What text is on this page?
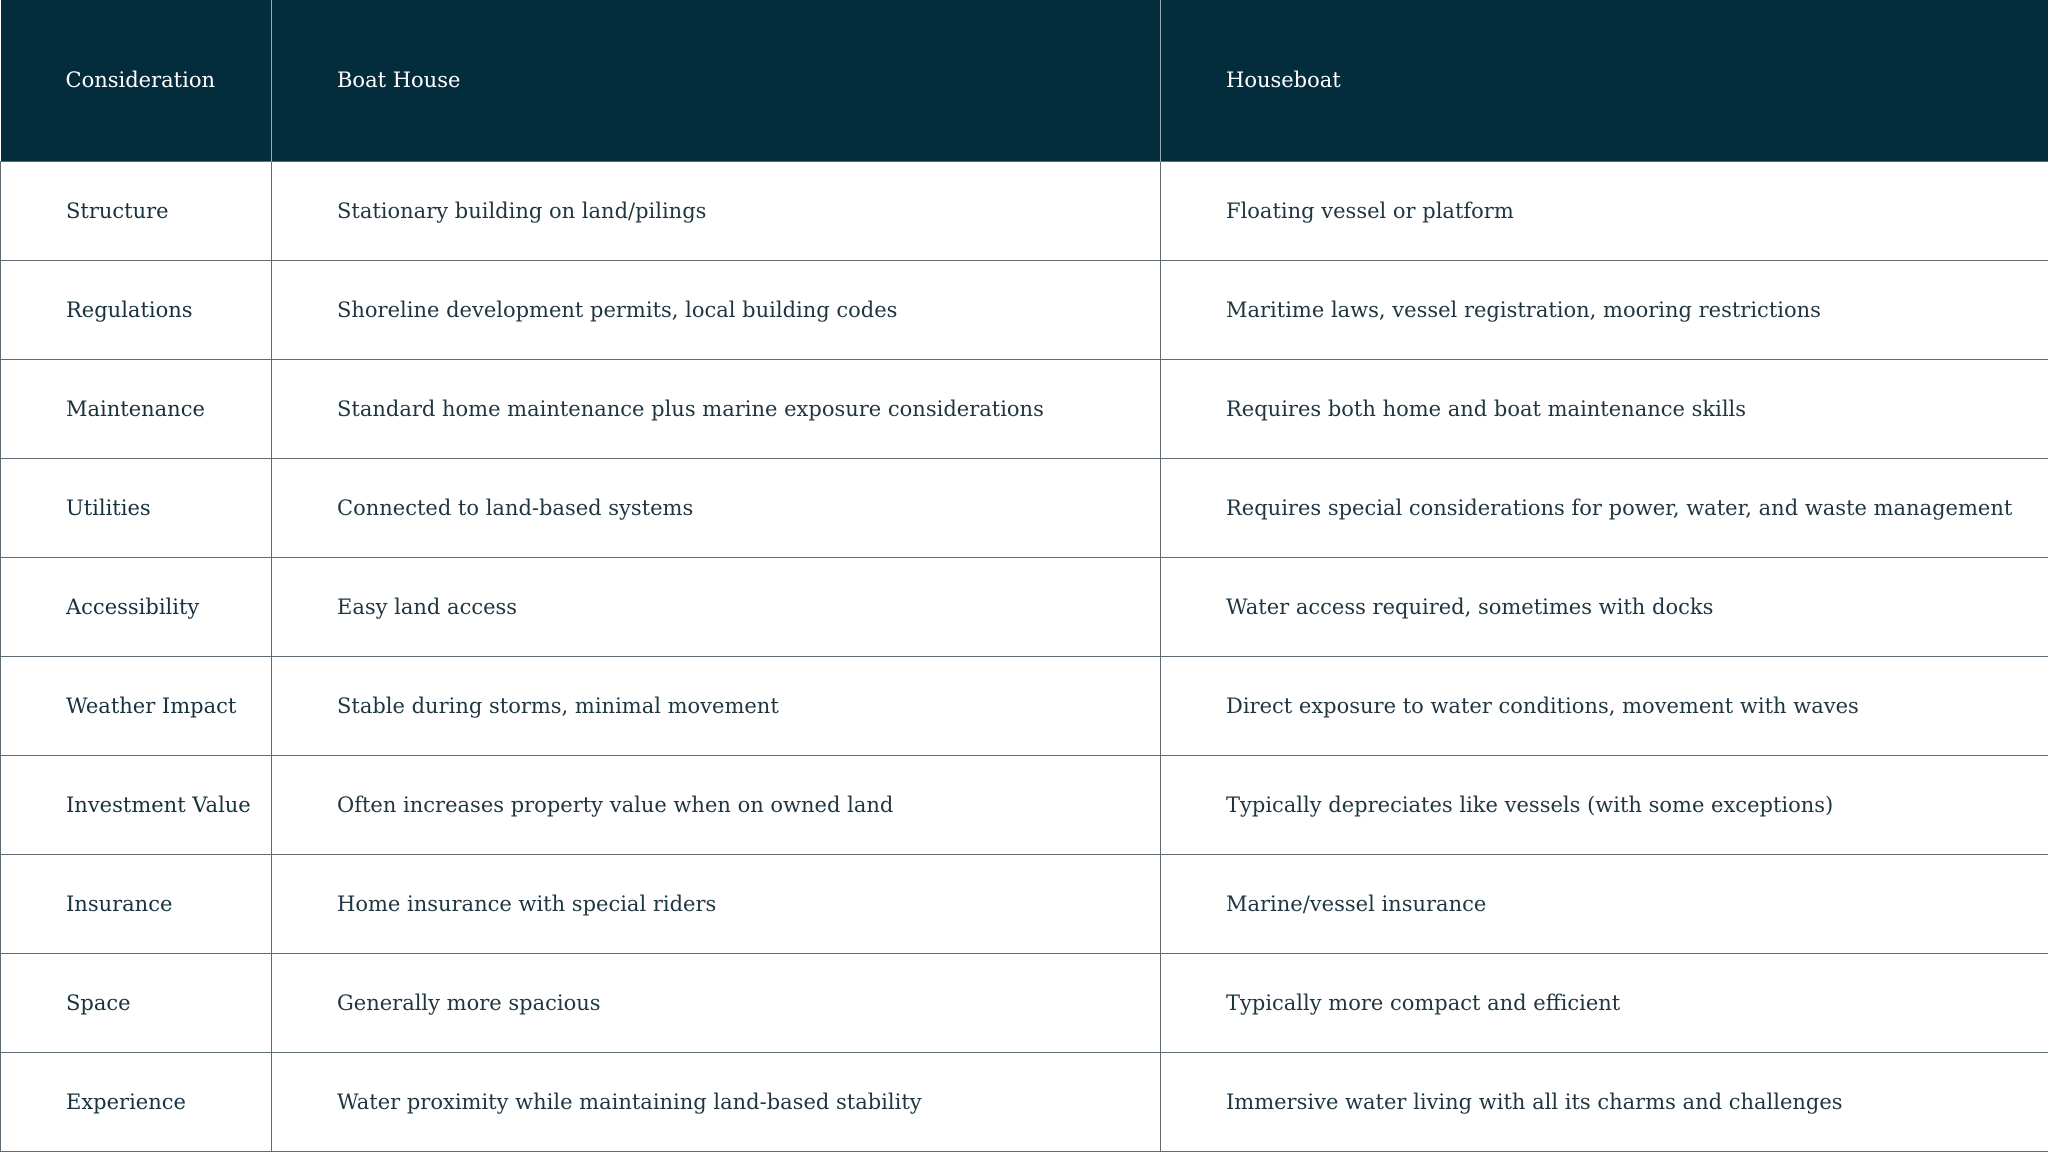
Consideration	Boat House	Houseboat
Structure	Stationary building on land/pilings	Floating vessel or platform
Regulations	Shoreline development permits, local building codes	Maritime laws, vessel registration, mooring restrictions
Maintenance	Standard home maintenance plus marine exposure considerations	Requires both home and boat maintenance skills
Utilities	Connected to land-based systems	Requires special considerations for power, water, and waste management
Accessibility	Easy land access	Water access required, sometimes with docks
Weather Impact	Stable during storms, minimal movement	Direct exposure to water conditions, movement with waves
Investment Value	Often increases property value when on owned land	Typically depreciates like vessels (with some exceptions)
Insurance	Home insurance with special riders	Marine/vessel insurance
Space	Generally more spacious	Typically more compact and efficient
Experience	Water proximity while maintaining land-based stability	Immersive water living with all its charms and challenges
